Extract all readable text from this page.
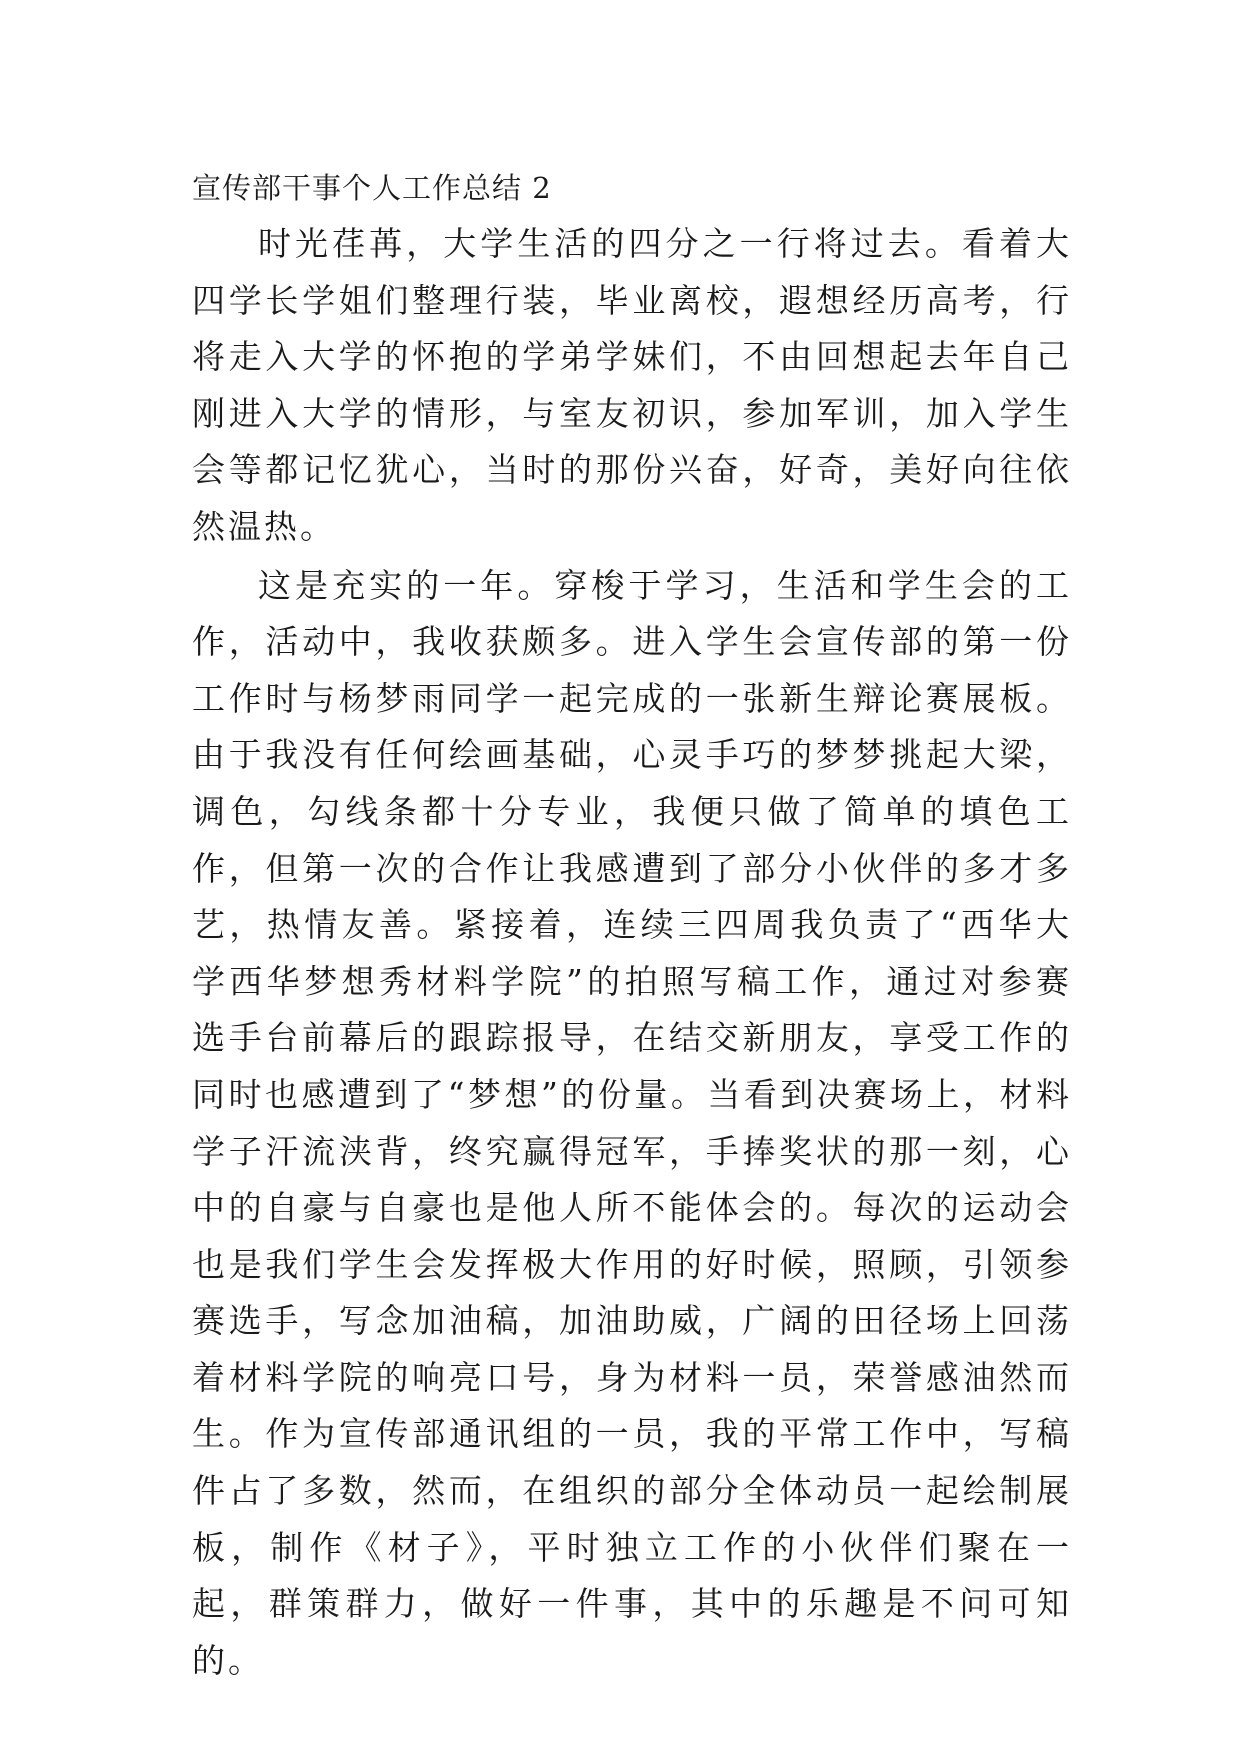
宣传部干事个人工作总结 2

时光荏苒，大学生活的四分之一行将过去。看着大四学长学姐们整理行装，毕业离校，遐想经历高考，行将走入大学的怀抱的学弟学妹们，不由回想起去年自己刚进入大学的情形，与室友初识，参加军训，加入学生会等都记忆犹心，当时的那份兴奋，好奇，美好向往依然温热。

这是充实的一年。穿梭于学习，生活和学生会的工作，活动中，我收获颇多。进入学生会宣传部的第一份工作时与杨梦雨同学一起完成的一张新生辩论赛展板。由于我没有任何绘画基础，心灵手巧的梦梦挑起大梁，调色，勾线条都十分专业，我便只做了简单的填色工作，但第一次的合作让我感遭到了部分小伙伴的多才多艺，热情友善。紧接着，连续三四周我负责了“西华大学西华梦想秀材料学院”的拍照写稿工作，通过对参赛选手台前幕后的跟踪报导，在结交新朋友，享受工作的同时也感遭到了“梦想”的份量。当看到决赛场上，材料学子汗流浃背，终究赢得冠军，手捧奖状的那一刻，心中的自豪与自豪也是他人所不能体会的。每次的运动会也是我们学生会发挥极大作用的好时候，照顾，引领参赛选手，写念加油稿，加油助威，广阔的田径场上回荡着材料学院的响亮口号，身为材料一员，荣誉感油然而生。作为宣传部通讯组的一员，我的平常工作中，写稿件占了多数，然而，在组织的部分全体动员一起绘制展板，制作《材子》，平时独立工作的小伙伴们聚在一起，群策群力，做好一件事，其中的乐趣是不问可知的。
